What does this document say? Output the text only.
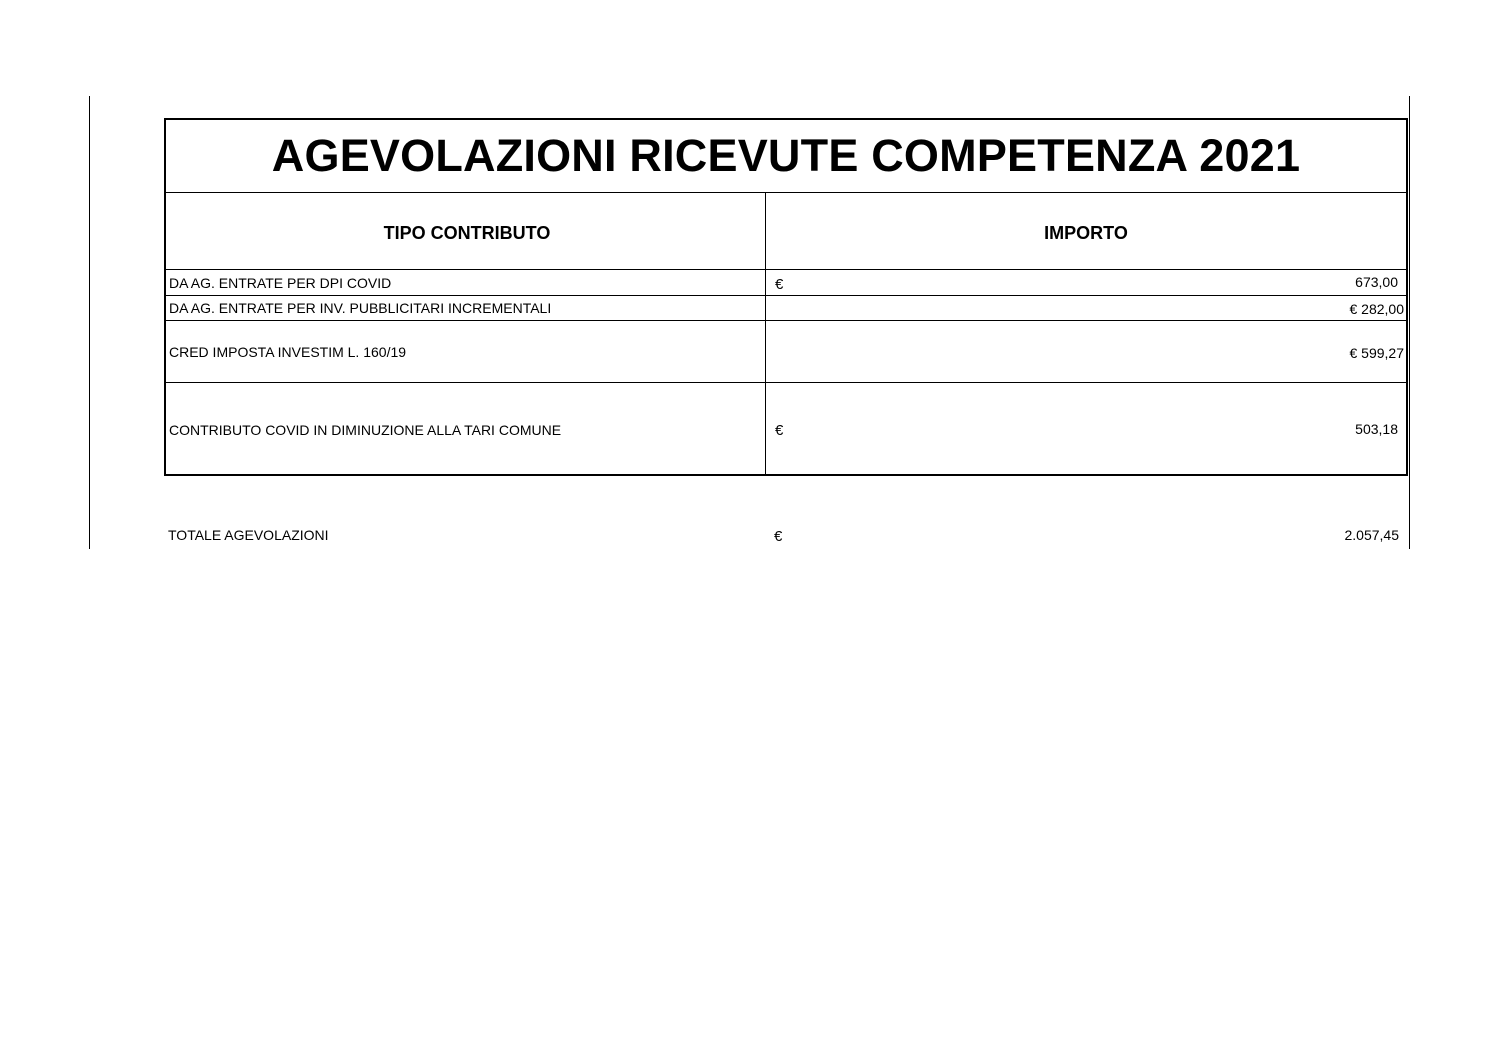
AGEVOLAZIONI RICEVUTE COMPETENZA 2021
TIPO CONTRIBUTO	IMPORTO
DA AG. ENTRATE PER DPI COVID	€	673,00
DA AG. ENTRATE PER INV. PUBBLICITARI INCREMENTALI	€ 282,00
CRED IMPOSTA INVESTIM L. 160/19	€ 599,27
CONTRIBUTO COVID IN DIMINUZIONE ALLA TARI COMUNE	€	503,18
TOTALE AGEVOLAZIONI	€	2.057,45
